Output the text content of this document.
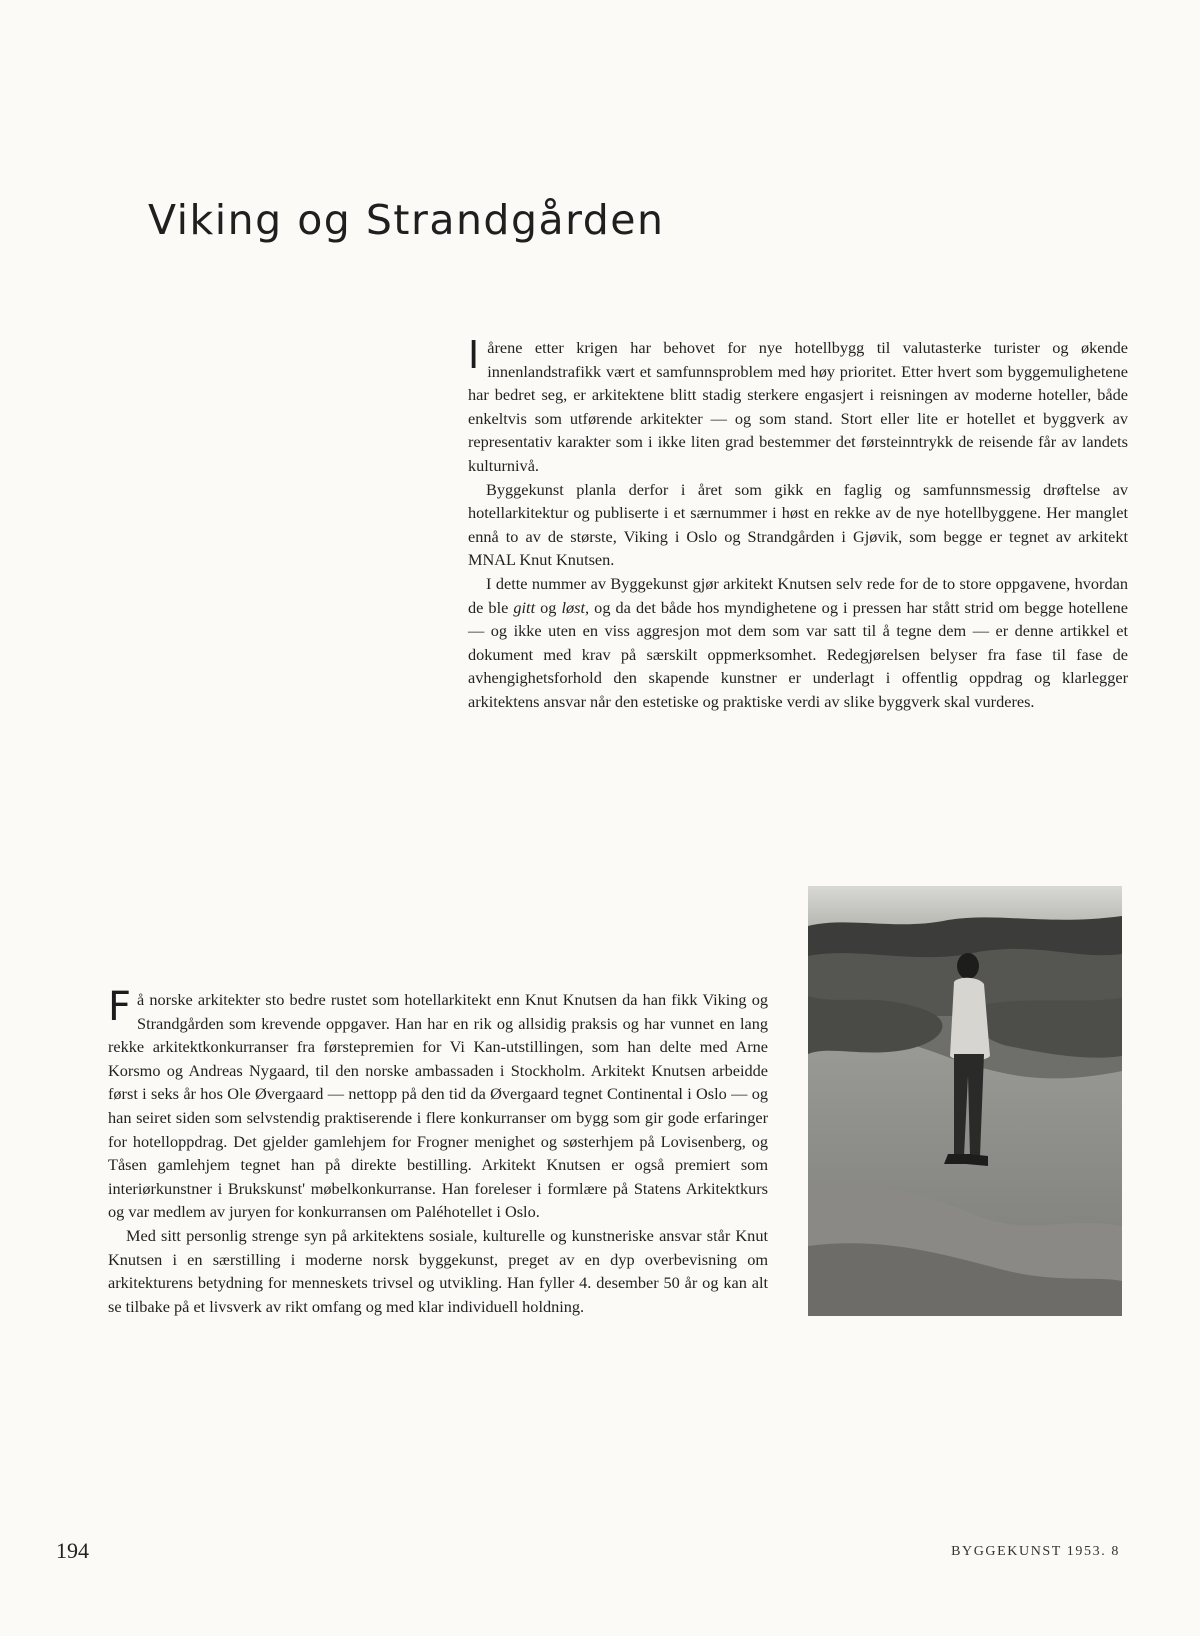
Viking og Strandgården

Iårene etter krigen har behovet for nye hotellbygg til valutasterke turister og økende innenlandstrafikk vært et samfunnsproblem med høy prioritet. Etter hvert som byggemulighetene har bedret seg, er arkitektene blitt stadig sterkere engasjert i reisningen av moderne hoteller, både enkeltvis som utførende arkitekter — og som stand. Stort eller lite er hotellet et byggverk av representativ karakter som i ikke liten grad bestemmer det førsteinntrykk de reisende får av landets kulturnivå.

Byggekunst planla derfor i året som gikk en faglig og samfunnsmessig drøftelse av hotellarkitektur og publiserte i et særnummer i høst en rekke av de nye hotellbyggene. Her manglet ennå to av de største, Viking i Oslo og Strandgården i Gjøvik, som begge er tegnet av arkitekt MNAL Knut Knutsen.

I dette nummer av Byggekunst gjør arkitekt Knutsen selv rede for de to store oppgavene, hvordan de ble gitt og løst, og da det både hos myndighetene og i pressen har stått strid om begge hotellene — og ikke uten en viss aggresjon mot dem som var satt til å tegne dem — er denne artikkel et dokument med krav på særskilt oppmerksomhet. Redegjørelsen belyser fra fase til fase de avhengighetsforhold den skapende kunstner er underlagt i offentlig oppdrag og klarlegger arkitektens ansvar når den estetiske og praktiske verdi av slike byggverk skal vurderes.

Få norske arkitekter sto bedre rustet som hotellarkitekt enn Knut Knutsen da han fikk Viking og Strandgården som krevende oppgaver. Han har en rik og allsidig praksis og har vunnet en lang rekke arkitektkonkurranser fra førstepremien for Vi Kan-utstillingen, som han delte med Arne Korsmo og Andreas Nygaard, til den norske ambassaden i Stockholm. Arkitekt Knutsen arbeidde først i seks år hos Ole Øvergaard — nettopp på den tid da Øvergaard tegnet Continental i Oslo — og han seiret siden som selvstendig praktiserende i flere konkurranser om bygg som gir gode erfaringer for hotelloppdrag. Det gjelder gamlehjem for Frogner menighet og søsterhjem på Lovisenberg, og Tåsen gamlehjem tegnet han på direkte bestilling. Arkitekt Knutsen er også premiert som interiørkunstner i Brukskunst' møbelkonkurranse. Han foreleser i formlære på Statens Arkitektkurs og var medlem av juryen for konkurransen om Paléhotellet i Oslo.

Med sitt personlig strenge syn på arkitektens sosiale, kulturelle og kunstneriske ansvar står Knut Knutsen i en særstilling i moderne norsk byggekunst, preget av en dyp overbevisning om arkitekturens betydning for menneskets trivsel og utvikling. Han fyller 4. desember 50 år og kan alt se tilbake på et livsverk av rikt omfang og med klar individuell holdning.

194	BYGGEKUNST 1953. 8
